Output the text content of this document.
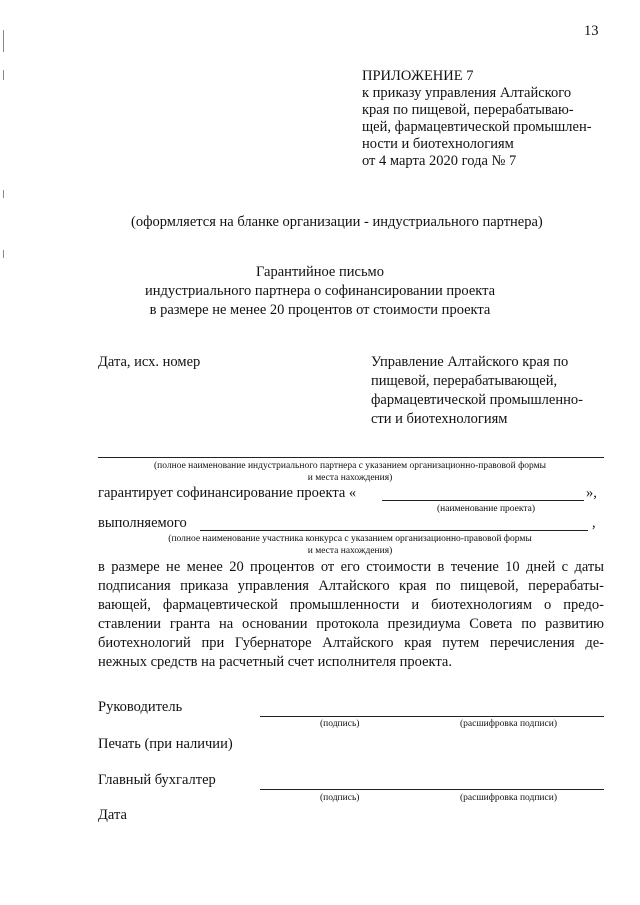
13
ПРИЛОЖЕНИЕ 7
к приказу управления Алтайского
края по пищевой, перерабатываю-
щей, фармацевтической промышлен-
ности и биотехнологиям
от 4 марта 2020 года № 7
(оформляется на бланке организации - индустриального партнера)
Гарантийное письмо
индустриального партнера о софинансировании проекта
в размере не менее 20 процентов от стоимости проекта
Дата, исх. номер	Управление Алтайского края по
пищевой, перерабатывающей,
фармацевтической промышленно-
сти и биотехнологиям
(полное наименование индустриального партнера с указанием организационно-правовой формы
и места нахождения)
гарантирует софинансирование проекта «	»,
(наименование проекта)
выполняемого	,
(полное наименование участника конкурса с указанием организационно-правовой формы
и места нахождения)
в размере не менее 20 процентов от его стоимости в течение 10 дней с даты
подписания приказа управления Алтайского края по пищевой, перерабаты-
вающей, фармацевтической промышленности и биотехнологиям о предо-
ставлении гранта на основании протокола президиума Совета по развитию
биотехнологий при Губернаторе Алтайского края путем перечисления де-
нежных средств на расчетный счет исполнителя проекта.
Руководитель
(подпись)	(расшифровка подписи)
Печать (при наличии)
Главный бухгалтер
(подпись)	(расшифровка подписи)
Дата
